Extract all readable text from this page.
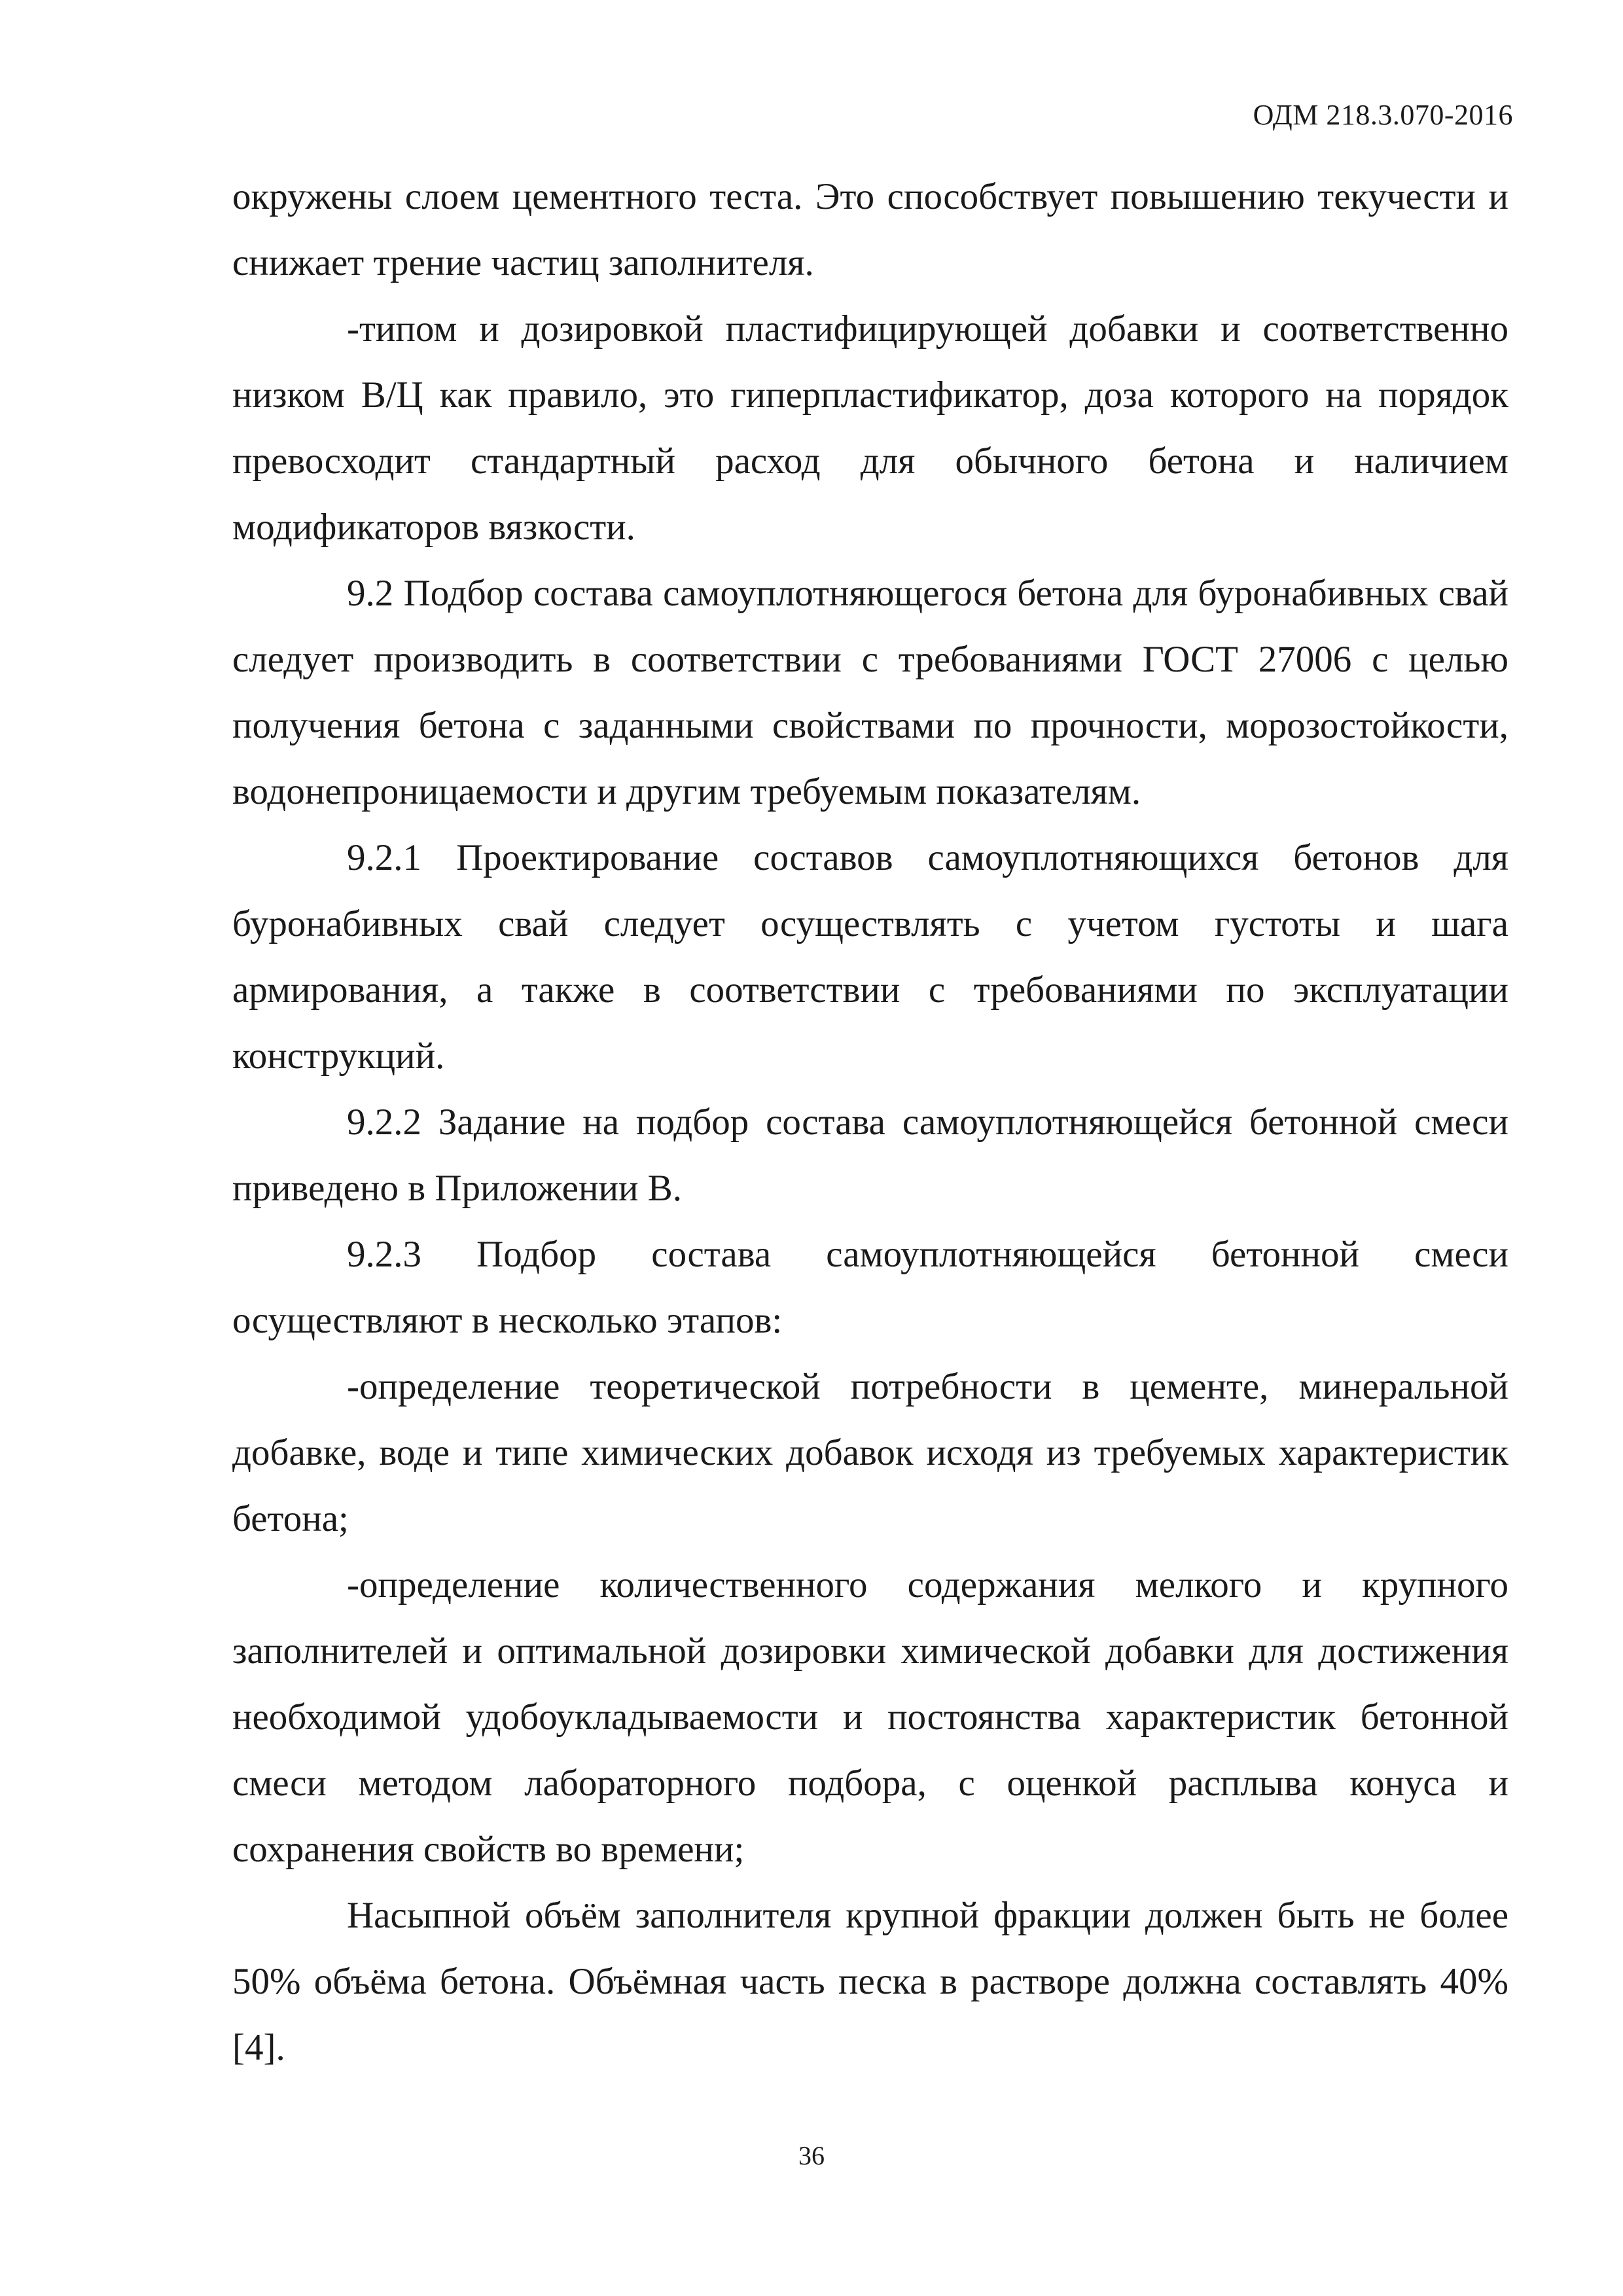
ОДМ 218.3.070-2016

окружены слоем цементного теста. Это способствует повышению текучести и снижает трение частиц заполнителя.

-типом и дозировкой пластифицирующей добавки и соответственно низком В/Ц как правило, это гиперпластификатор, доза которого на порядок превосходит стандартный расход для обычного бетона и наличием модификаторов вязкости.

9.2 Подбор состава самоуплотняющегося бетона для буронабивных свай следует производить в соответствии с требованиями ГОСТ 27006 с целью получения бетона с заданными свойствами по прочности, морозостойкости, водонепроницаемости и другим требуемым показателям.

9.2.1 Проектирование составов самоуплотняющихся бетонов для буронабивных свай следует осуществлять с учетом густоты и шага армирования, а также в соответствии с требованиями по эксплуатации конструкций.

9.2.2 Задание на подбор состава самоуплотняющейся бетонной смеси приведено в Приложении В.

9.2.3 Подбор состава самоуплотняющейся бетонной смеси осуществляют в несколько этапов:

-определение теоретической потребности в цементе, минеральной добавке, воде и типе химических добавок исходя из требуемых характеристик бетона;

-определение количественного содержания мелкого и крупного заполнителей и оптимальной дозировки химической добавки для достижения необходимой удобоукладываемости и постоянства характеристик бетонной смеси методом лабораторного подбора, с оценкой расплыва конуса и сохранения свойств во времени;

Насыпной объём заполнителя крупной фракции должен быть не более 50% объёма бетона. Объёмная часть песка в растворе должна составлять 40% [4].

36
